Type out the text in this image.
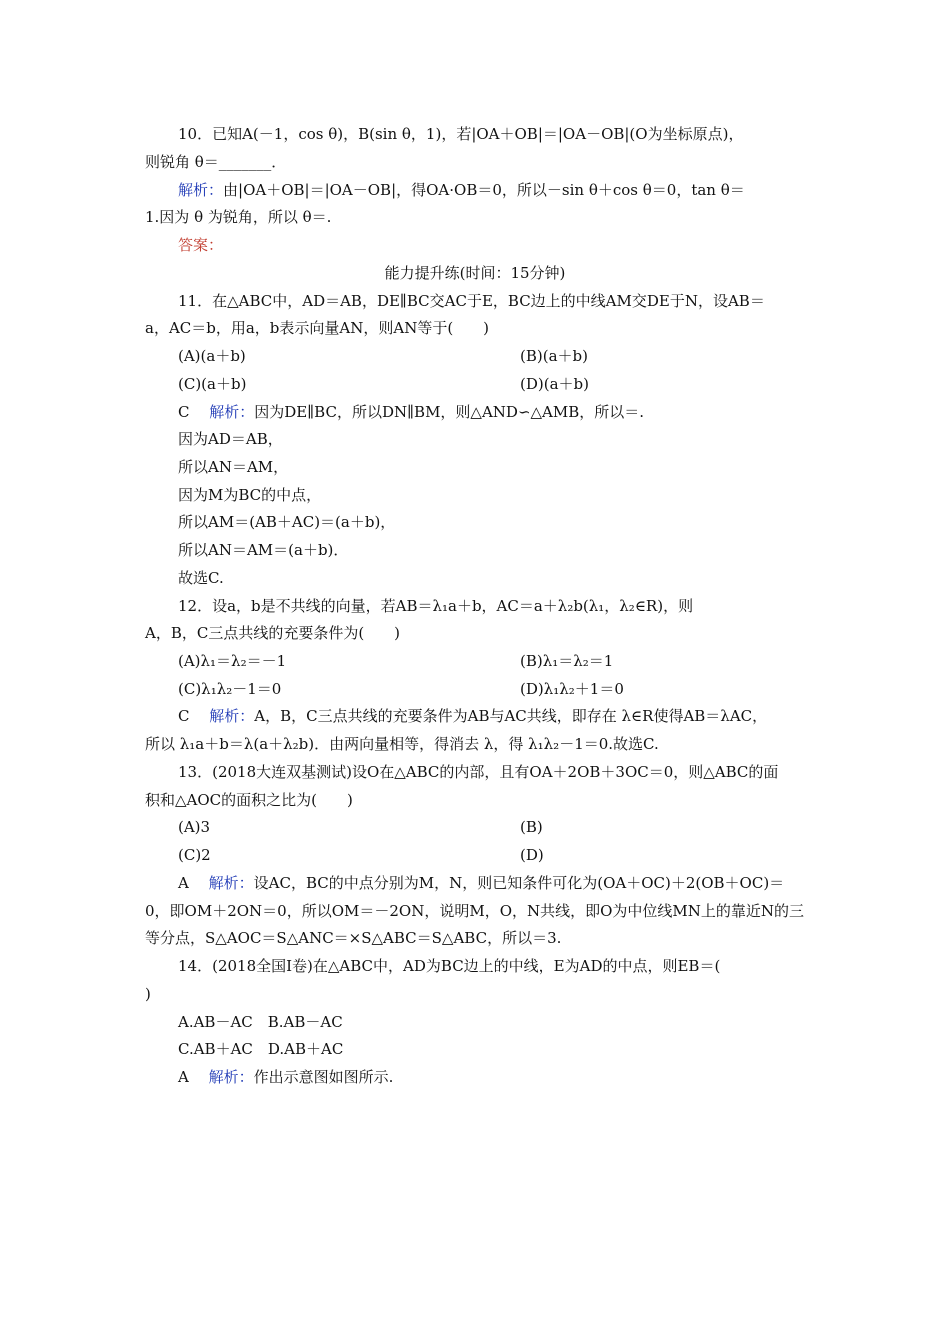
10．已知A(－1，cos θ)，B(sin θ，1)，若|OA＋OB|＝|OA－OB|(O为坐标原点)，
则锐角 θ＝_______．
解析：由|OA＋OB|＝|OA－OB|，得OA·OB＝0，所以－sin θ＋cos θ＝0，tan θ＝
1.因为 θ 为锐角，所以 θ＝.
答案：
能力提升练(时间：15分钟)
11．在△ABC中，AD＝AB，DE∥BC交AC于E，BC边上的中线AM交DE于N，设AB＝
a，AC＝b，用a，b表示向量AN，则AN等于(　　)
(A)(a＋b)	(B)(a＋b)
(C)(a＋b)	(D)(a＋b)
C　 解析：因为DE∥BC，所以DN∥BM，则△AND∽△AMB，所以＝.
因为AD＝AB，
所以AN＝AM，
因为M为BC的中点，
所以AM＝(AB＋AC)＝(a＋b)，
所以AN＝AM＝(a＋b)．
故选C.
12．设a，b是不共线的向量，若AB＝λ₁a＋b，AC＝a＋λ₂b(λ₁，λ₂∈R)，则
A，B，C三点共线的充要条件为(　　)
(A)λ₁＝λ₂＝－1	(B)λ₁＝λ₂＝1
(C)λ₁λ₂－1＝0	(D)λ₁λ₂＋1＝0
C　 解析：A，B，C三点共线的充要条件为AB与AC共线，即存在 λ∈R使得AB＝λAC，
所以 λ₁a＋b＝λ(a＋λ₂b)．由两向量相等，得消去 λ，得 λ₁λ₂－1＝0.故选C.
13．(2018大连双基测试)设O在△ABC的内部，且有OA＋2OB＋3OC＝0，则△ABC的面
积和△AOC的面积之比为(　　)
(A)3	(B)
(C)2	(D)
A　 解析：设AC，BC的中点分别为M，N，则已知条件可化为(OA＋OC)＋2(OB＋OC)＝
0，即OM＋2ON＝0，所以OM＝－2ON，说明M，O，N共线，即O为中位线MN上的靠近N的三
等分点，S△AOC＝S△ANC＝×S△ABC＝S△ABC，所以＝3.
14．(2018全国Ⅰ卷)在△ABC中，AD为BC边上的中线，E为AD的中点，则EB＝(
)
A.AB－AC　B.AB－AC
C.AB＋AC　D.AB＋AC
A　 解析：作出示意图如图所示.
